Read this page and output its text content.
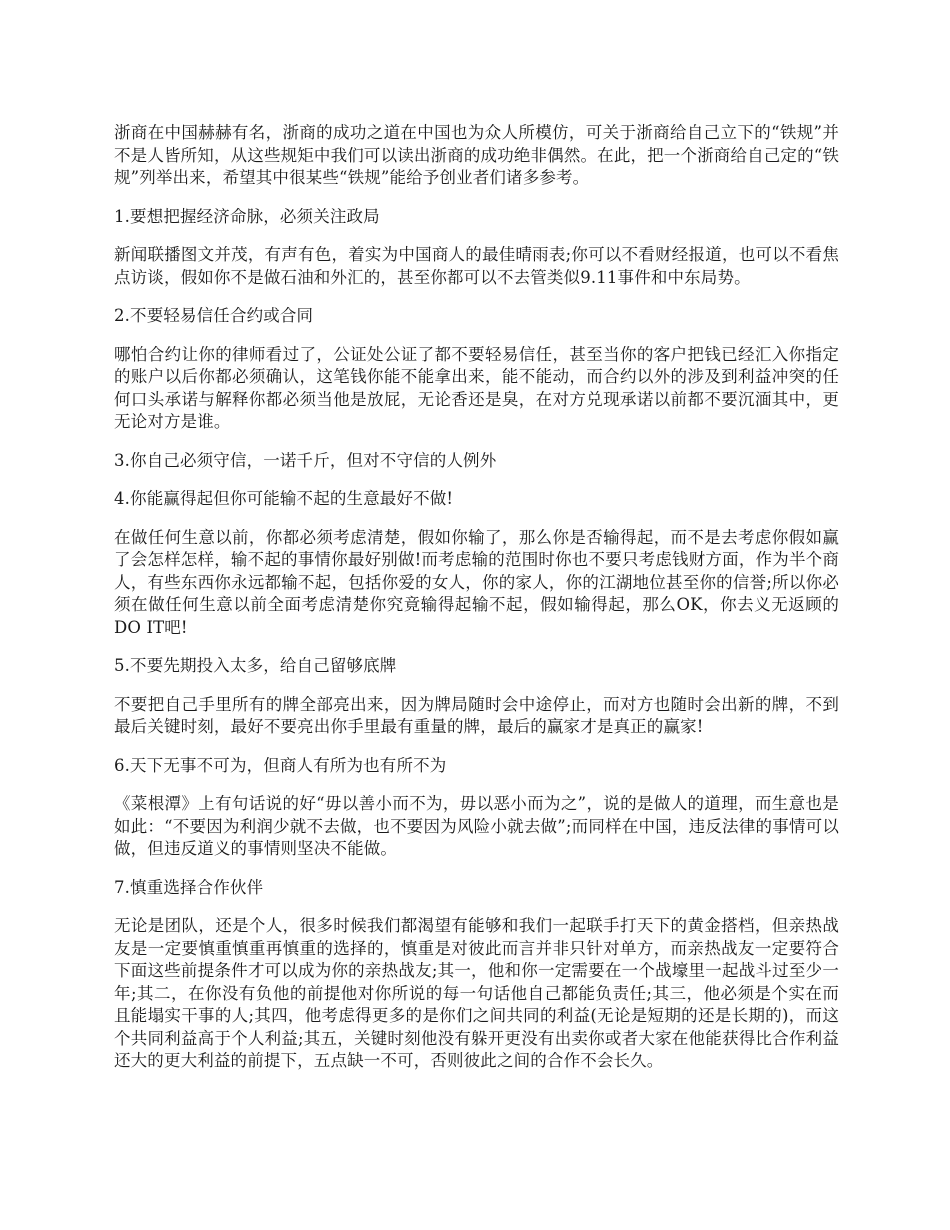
浙商在中国赫赫有名，浙商的成功之道在中国也为众人所模仿，可关于浙商给自己立下的“铁规”并不是人皆所知，从这些规矩中我们可以读出浙商的成功绝非偶然。在此，把一个浙商给自己定的“铁规”列举出来，希望其中很某些“铁规”能给予创业者们诸多参考。

1.要想把握经济命脉，必须关注政局

新闻联播图文并茂，有声有色，着实为中国商人的最佳晴雨表;你可以不看财经报道，也可以不看焦点访谈，假如你不是做石油和外汇的，甚至你都可以不去管类似9.11事件和中东局势。

2.不要轻易信任合约或合同

哪怕合约让你的律师看过了，公证处公证了都不要轻易信任，甚至当你的客户把钱已经汇入你指定的账户以后你都必须确认，这笔钱你能不能拿出来，能不能动，而合约以外的涉及到利益冲突的任何口头承诺与解释你都必须当他是放屁，无论香还是臭，在对方兑现承诺以前都不要沉湎其中，更无论对方是谁。

3.你自己必须守信，一诺千斤，但对不守信的人例外

4.你能赢得起但你可能输不起的生意最好不做!

在做任何生意以前，你都必须考虑清楚，假如你输了，那么你是否输得起，而不是去考虑你假如赢了会怎样怎样，输不起的事情你最好别做!而考虑输的范围时你也不要只考虑钱财方面，作为半个商人，有些东西你永远都输不起，包括你爱的女人，你的家人，你的江湖地位甚至你的信誉;所以你必须在做任何生意以前全面考虑清楚你究竟输得起输不起，假如输得起，那么OK，你去义无返顾的DO IT吧!

5.不要先期投入太多，给自己留够底牌

不要把自己手里所有的牌全部亮出来，因为牌局随时会中途停止，而对方也随时会出新的牌，不到最后关键时刻，最好不要亮出你手里最有重量的牌，最后的赢家才是真正的赢家!

6.天下无事不可为，但商人有所为也有所不为

《菜根潭》上有句话说的好“毋以善小而不为，毋以恶小而为之”，说的是做人的道理，而生意也是如此：“不要因为利润少就不去做，也不要因为风险小就去做”;而同样在中国，违反法律的事情可以做，但违反道义的事情则坚决不能做。

7.慎重选择合作伙伴

无论是团队，还是个人，很多时候我们都渴望有能够和我们一起联手打天下的黄金搭档，但亲热战友是一定要慎重慎重再慎重的选择的，慎重是对彼此而言并非只针对单方，而亲热战友一定要符合下面这些前提条件才可以成为你的亲热战友;其一，他和你一定需要在一个战壕里一起战斗过至少一年;其二，在你没有负他的前提他对你所说的每一句话他自己都能负责任;其三，他必须是个实在而且能塌实干事的人;其四，他考虑得更多的是你们之间共同的利益(无论是短期的还是长期的)，而这个共同利益高于个人利益;其五，关键时刻他没有躲开更没有出卖你或者大家在他能获得比合作利益还大的更大利益的前提下，五点缺一不可，否则彼此之间的合作不会长久。
